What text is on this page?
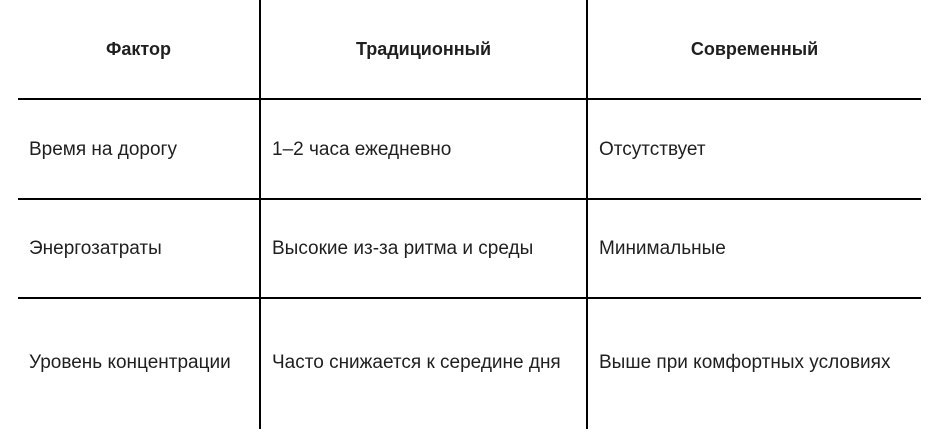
Фактор	Традиционный	Современный
Время на дорогу	1–2 часа ежедневно	Отсутствует
Энергозатраты	Высокие из-за ритма и среды	Минимальные
Уровень концентрации	Часто снижается к середине дня	Выше при комфортных условиях
